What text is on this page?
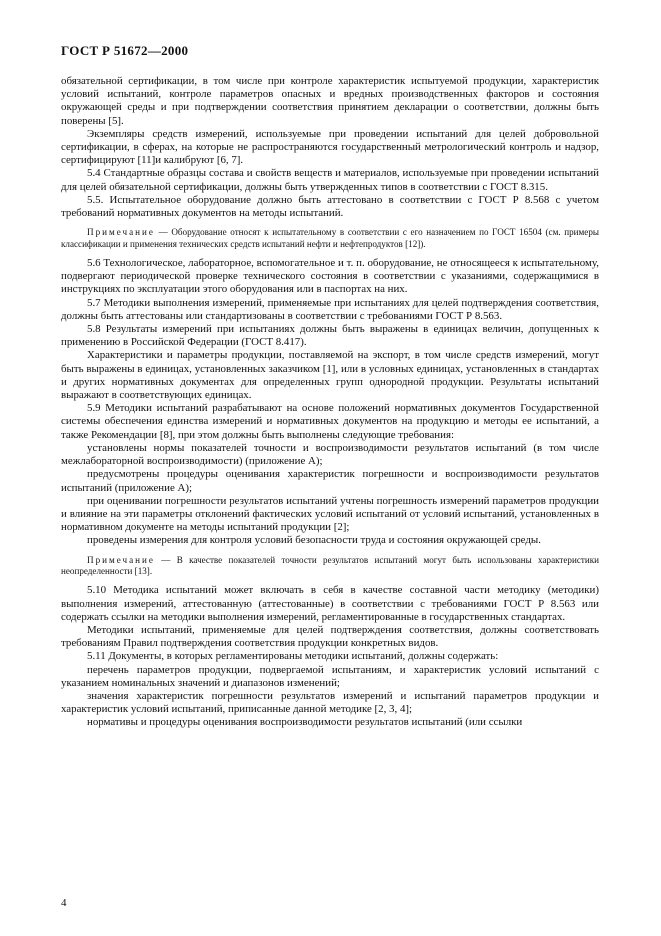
ГОСТ Р 51672—2000

обязательной сертификации, в том числе при контроле характеристик испытуемой продукции, характеристик условий испытаний, контроле параметров опасных и вредных производственных факторов и состояния окружающей среды и при подтверждении соответствия принятием декларации о соответствии, должны быть поверены [5].

Экземпляры средств измерений, используемые при проведении испытаний для целей добровольной сертификации, в сферах, на которые не распространяются государственный метрологический контроль и надзор, сертифицируют [11]и калибруют [6, 7].

5.4 Стандартные образцы состава и свойств веществ и материалов, используемые при проведении испытаний для целей обязательной сертификации, должны быть утвержденных типов в соответствии с ГОСТ 8.315.

5.5. Испытательное оборудование должно быть аттестовано в соответствии с ГОСТ Р 8.568 с учетом требований нормативных документов на методы испытаний.

Примечание — Оборудование относят к испытательному в соответствии с его назначением по ГОСТ 16504 (см. примеры классификации и применения технических средств испытаний нефти и нефтепродуктов [12]).

5.6 Технологическое, лабораторное, вспомогательное и т. п. оборудование, не относящееся к испытательному, подвергают периодической проверке технического состояния в соответствии с указаниями, содержащимися в инструкциях по эксплуатации этого оборудования или в паспортах на них.

5.7 Методики выполнения измерений, применяемые при испытаниях для целей подтверждения соответствия, должны быть аттестованы или стандартизованы в соответствии с требованиями ГОСТ Р 8.563.

5.8 Результаты измерений при испытаниях должны быть выражены в единицах величин, допущенных к применению в Российской Федерации (ГОСТ 8.417).

Характеристики и параметры продукции, поставляемой на экспорт, в том числе средств измерений, могут быть выражены в единицах, установленных заказчиком [1], или в условных единицах, установленных в стандартах и других нормативных документах для определенных групп однородной продукции. Результаты испытаний выражают в соответствующих единицах.

5.9 Методики испытаний разрабатывают на основе положений нормативных документов Государственной системы обеспечения единства измерений и нормативных документов на продукцию и методы ее испытаний, а также Рекомендации [8], при этом должны быть выполнены следующие требования:

установлены нормы показателей точности и воспроизводимости результатов испытаний (в том числе межлабораторной воспроизводимости) (приложение А);

предусмотрены процедуры оценивания характеристик погрешности и воспроизводимости результатов испытаний (приложение А);

при оценивании погрешности результатов испытаний учтены погрешность измерений параметров продукции и влияние на эти параметры отклонений фактических условий испытаний от условий испытаний, установленных в нормативном документе на методы испытаний продукции [2];

проведены измерения для контроля условий безопасности труда и состояния окружающей среды.

Примечание — В качестве показателей точности результатов испытаний могут быть использованы характеристики неопределенности [13].

5.10 Методика испытаний может включать в себя в качестве составной части методику (методики) выполнения измерений, аттестованную (аттестованные) в соответствии с требованиями ГОСТ Р 8.563 или содержать ссылки на методики выполнения измерений, регламентированные в государственных стандартах.

Методики испытаний, применяемые для целей подтверждения соответствия, должны соответствовать требованиям Правил подтверждения соответствия продукции конкретных видов.

5.11 Документы, в которых регламентированы методики испытаний, должны содержать:

перечень параметров продукции, подвергаемой испытаниям, и характеристик условий испытаний с указанием номинальных значений и диапазонов изменений;

значения характеристик погрешности результатов измерений и испытаний параметров продукции и характеристик условий испытаний, приписанные данной методике [2, 3, 4];

нормативы и процедуры оценивания воспроизводимости результатов испытаний (или ссылки

4
